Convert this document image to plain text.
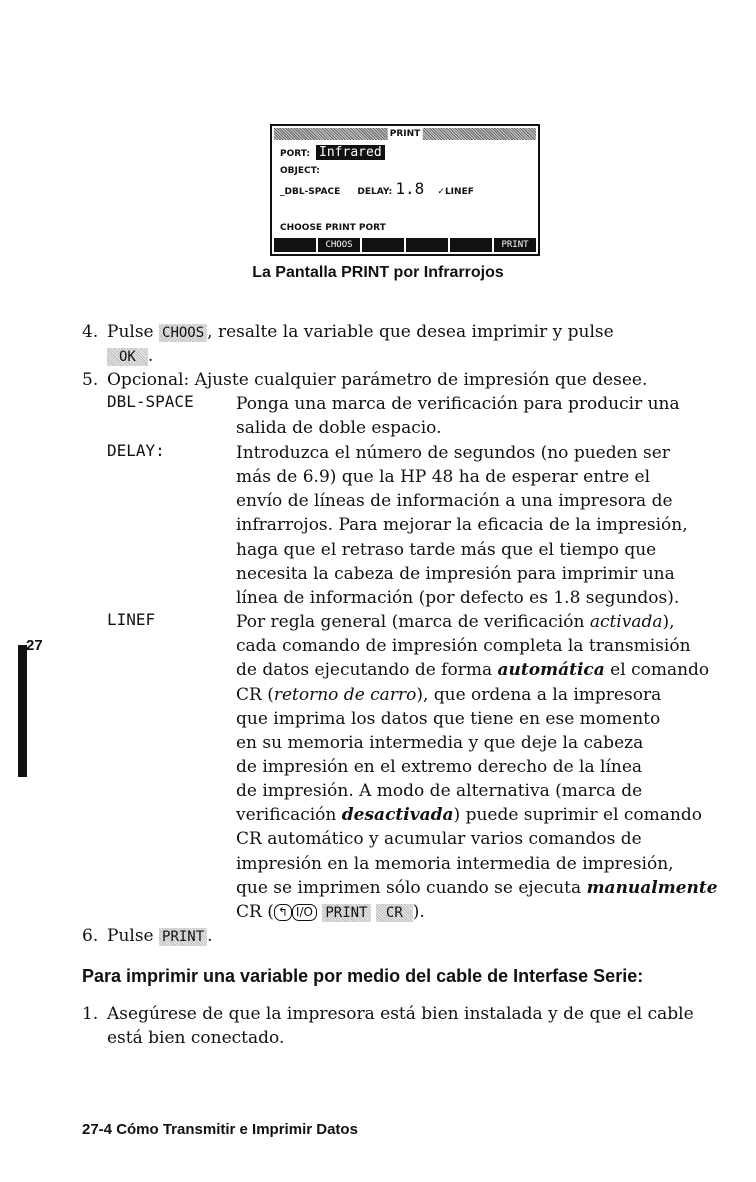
PRINT
PORT: Infrared
OBJECT:
_DBL-SPACE DELAY: 1.8 ✓LINEF
CHOOSE PRINT PORT
CHOOS	PRINT
La Pantalla PRINT por Infrarrojos
4. Pulse CHOOS , resalte la variable que desea imprimir y pulse
OK .
5. Opcional: Ajuste cualquier parámetro de impresión que desee.
DBL-SPACE Ponga una marca de verificación para producir una
salida de doble espacio.
DELAY:	Introduzca el número de segundos (no pueden ser
más de 6.9) que la HP 48 ha de esperar entre el
envío de líneas de información a una impresora de
infrarrojos. Para mejorar la eficacia de la impresión,
haga que el retraso tarde más que el tiempo que
necesita la cabeza de impresión para imprimir una
línea de información (por defecto es 1.8 segundos).
LINEF	Por regla general (marca de verificación activada),
cada comando de impresión completa la transmisión
de datos ejecutando de forma automática el comando
CR (retorno de carro), que ordena a la impresora
que imprima los datos que tiene en ese momento
en su memoria intermedia y que deje la cabeza
de impresión en el extremo derecho de la línea
de impresión. A modo de alternativa (marca de
verificación desactivada) puede suprimir el comando
CR automático y acumular varios comandos de
impresión en la memoria intermedia de impresión,
que se imprimen sólo cuando se ejecuta manualmente
CR ( ↰ I/O PRINT CR ).
6. Pulse PRINT .
Para imprimir una variable por medio del cable de Interfase Serie:
1. Asegúrese de que la impresora está bien instalada y de que el cable
está bien conectado.
27
27-4 Cómo Transmitir e Imprimir Datos
